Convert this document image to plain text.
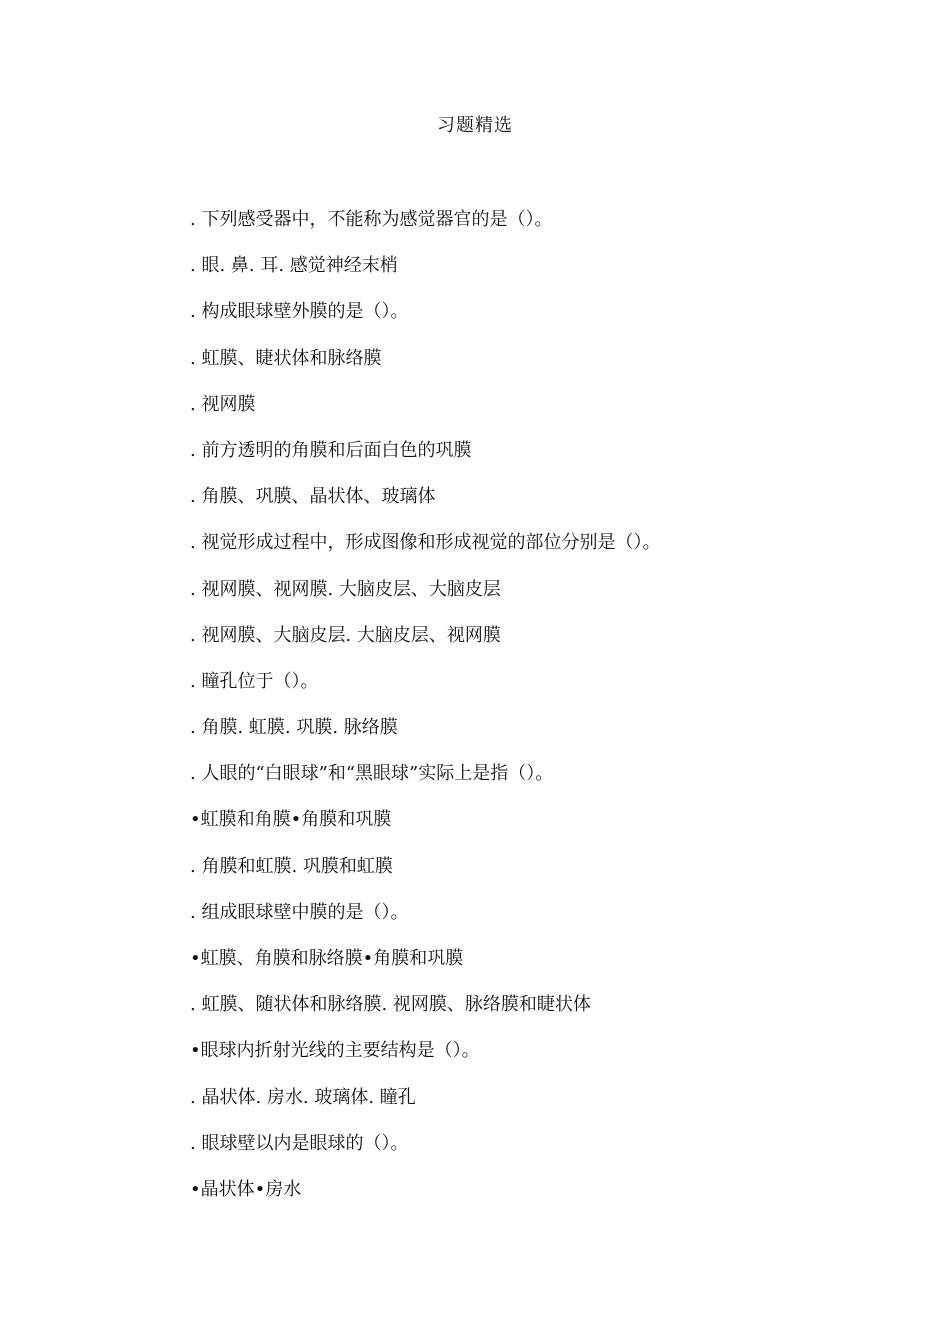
习题精选
. 下列感受器中，不能称为感觉器官的是（）。
. 眼. 鼻. 耳. 感觉神经末梢
. 构成眼球壁外膜的是（）。
. 虹膜、睫状体和脉络膜
. 视网膜
. 前方透明的角膜和后面白色的巩膜
. 角膜、巩膜、晶状体、玻璃体
. 视觉形成过程中，形成图像和形成视觉的部位分别是（）。
. 视网膜、视网膜. 大脑皮层、大脑皮层
. 视网膜、大脑皮层. 大脑皮层、视网膜
. 瞳孔位于（）。
. 角膜. 虹膜. 巩膜. 脉络膜
. 人眼的“白眼球”和“黑眼球”实际上是指（）。
•虹膜和角膜•角膜和巩膜
. 角膜和虹膜. 巩膜和虹膜
. 组成眼球壁中膜的是（）。
•虹膜、角膜和脉络膜•角膜和巩膜
. 虹膜、随状体和脉络膜. 视网膜、脉络膜和睫状体
•眼球内折射光线的主要结构是（）。
. 晶状体. 房水. 玻璃体. 瞳孔
. 眼球壁以内是眼球的（）。
•晶状体•房水
